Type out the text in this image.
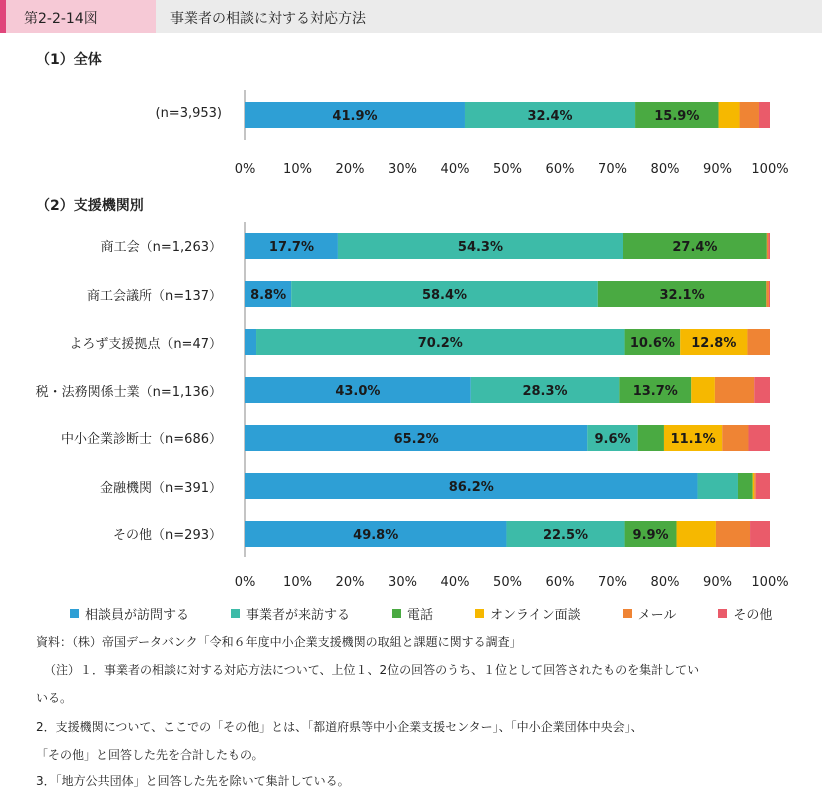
第2-2-14図	事業者の相談に対する対応方法
（1）全体
（2）支援機関別
(n=3,953)
商工会（n=1,263）
商工会議所（n=137）
よろず支援拠点（n=47）
税・法務関係士業（n=1,136）
中小企業診断士（n=686）
金融機関（n=391）
その他（n=293）
0% 10% 20% 30% 40% 50% 60% 70% 80% 90% 100%
41.9%	32.4%	15.9%
0% 10% 20% 30% 40% 50% 60% 70% 80% 90% 100%
17.7%	54.3%	27.4%
8.8%	58.4%	32.1%
70.2%	10.6% 12.8%
43.0%	28.3%	13.7%
65.2%	9.6%	11.1%
86.2%
49.8%	22.5%	9.9%
相談員が訪問する	事業者が来訪する	電話	オンライン面談	メール	その他
資料：（株）帝国データバンク「令和６年度中小企業支援機関の取組と課題に関する調査」
（注）１．事業者の相談に対する対応方法について、上位１、2位の回答のうち、１位として回答されたものを集計してい
いる。
2．支援機関について、ここでの「その他」とは、「都道府県等中小企業支援センター」、「中小企業団体中央会」、
「その他」と回答した先を合計したもの。
3．「地方公共団体」と回答した先を除いて集計している。
